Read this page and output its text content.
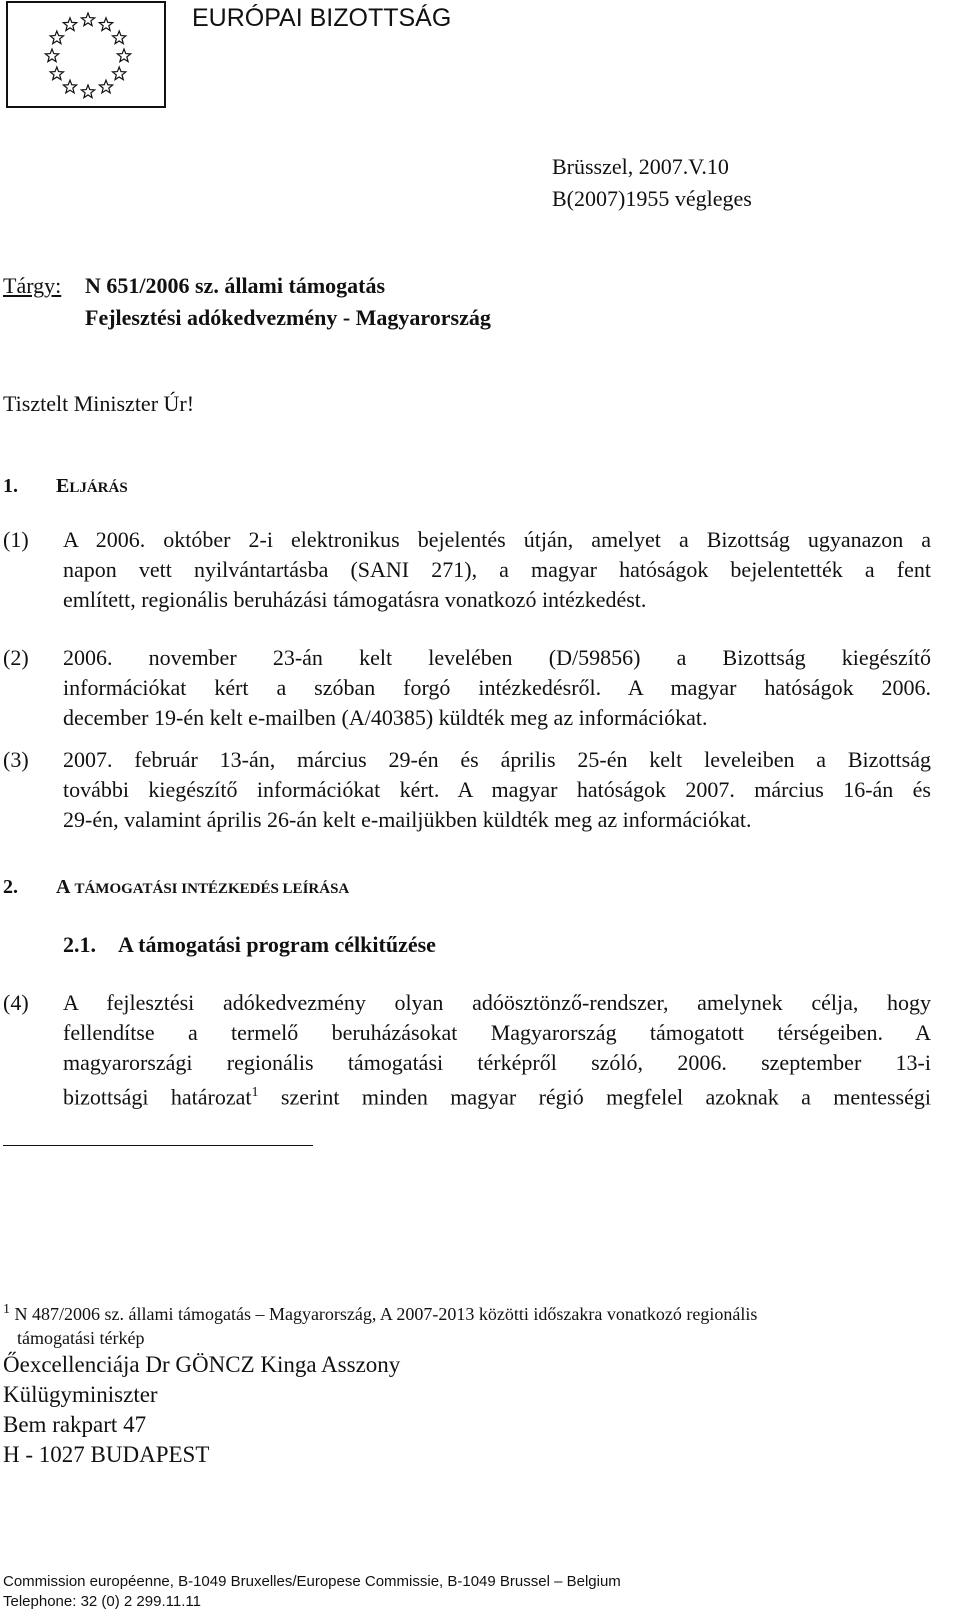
EURÓPAI BIZOTTSÁG
Brüsszel, 2007.V.10
B(2007)1955 végleges
Tárgy: N 651/2006 sz. állami támogatás
Fejlesztési adókedvezmény - Magyarország
Tisztelt Miniszter Úr!
1. ELJÁRÁS
(1) A 2006. október 2-i elektronikus bejelentés útján, amelyet a Bizottság ugyanazon a
napon vett nyilvántartásba (SANI 271), a magyar hatóságok bejelentették a fent
említett, regionális beruházási támogatásra vonatkozó intézkedést.
(2) 2006. november 23-án kelt levelében (D/59856) a Bizottság kiegészítő
információkat kért a szóban forgó intézkedésről. A magyar hatóságok 2006.
december 19-én kelt e-mailben (A/40385) küldték meg az információkat.
(3) 2007. február 13-án, március 29-én és április 25-én kelt leveleiben a Bizottság
további kiegészítő információkat kért. A magyar hatóságok 2007. március 16-án és
29-én, valamint április 26-án kelt e-mailjükben küldték meg az információkat.
2. A TÁMOGATÁSI INTÉZKEDÉS LEÍRÁSA
2.1. A támogatási program célkitűzése
(4) A fejlesztési adókedvezmény olyan adóösztönző-rendszer, amelynek célja, hogy
fellendítse a termelő beruházásokat Magyarország támogatott térségeiben. A
magyarországi regionális támogatási térképről szóló, 2006. szeptember 13-i
bizottsági határozat$^1$ szerint minden magyar régió megfelel azoknak a mentességi
$^1$ N 487/2006 sz. állami támogatás – Magyarország, A 2007-2013 közötti időszakra vonatkozó regionális
támogatási térkép
Őexcellenciája Dr GÖNCZ Kinga Asszony
Külügyminiszter
Bem rakpart 47
H - 1027 BUDAPEST
Commission européenne, B-1049 Bruxelles/Europese Commissie, B-1049 Brussel – Belgium
Telephone: 32 (0) 2 299.11.11
